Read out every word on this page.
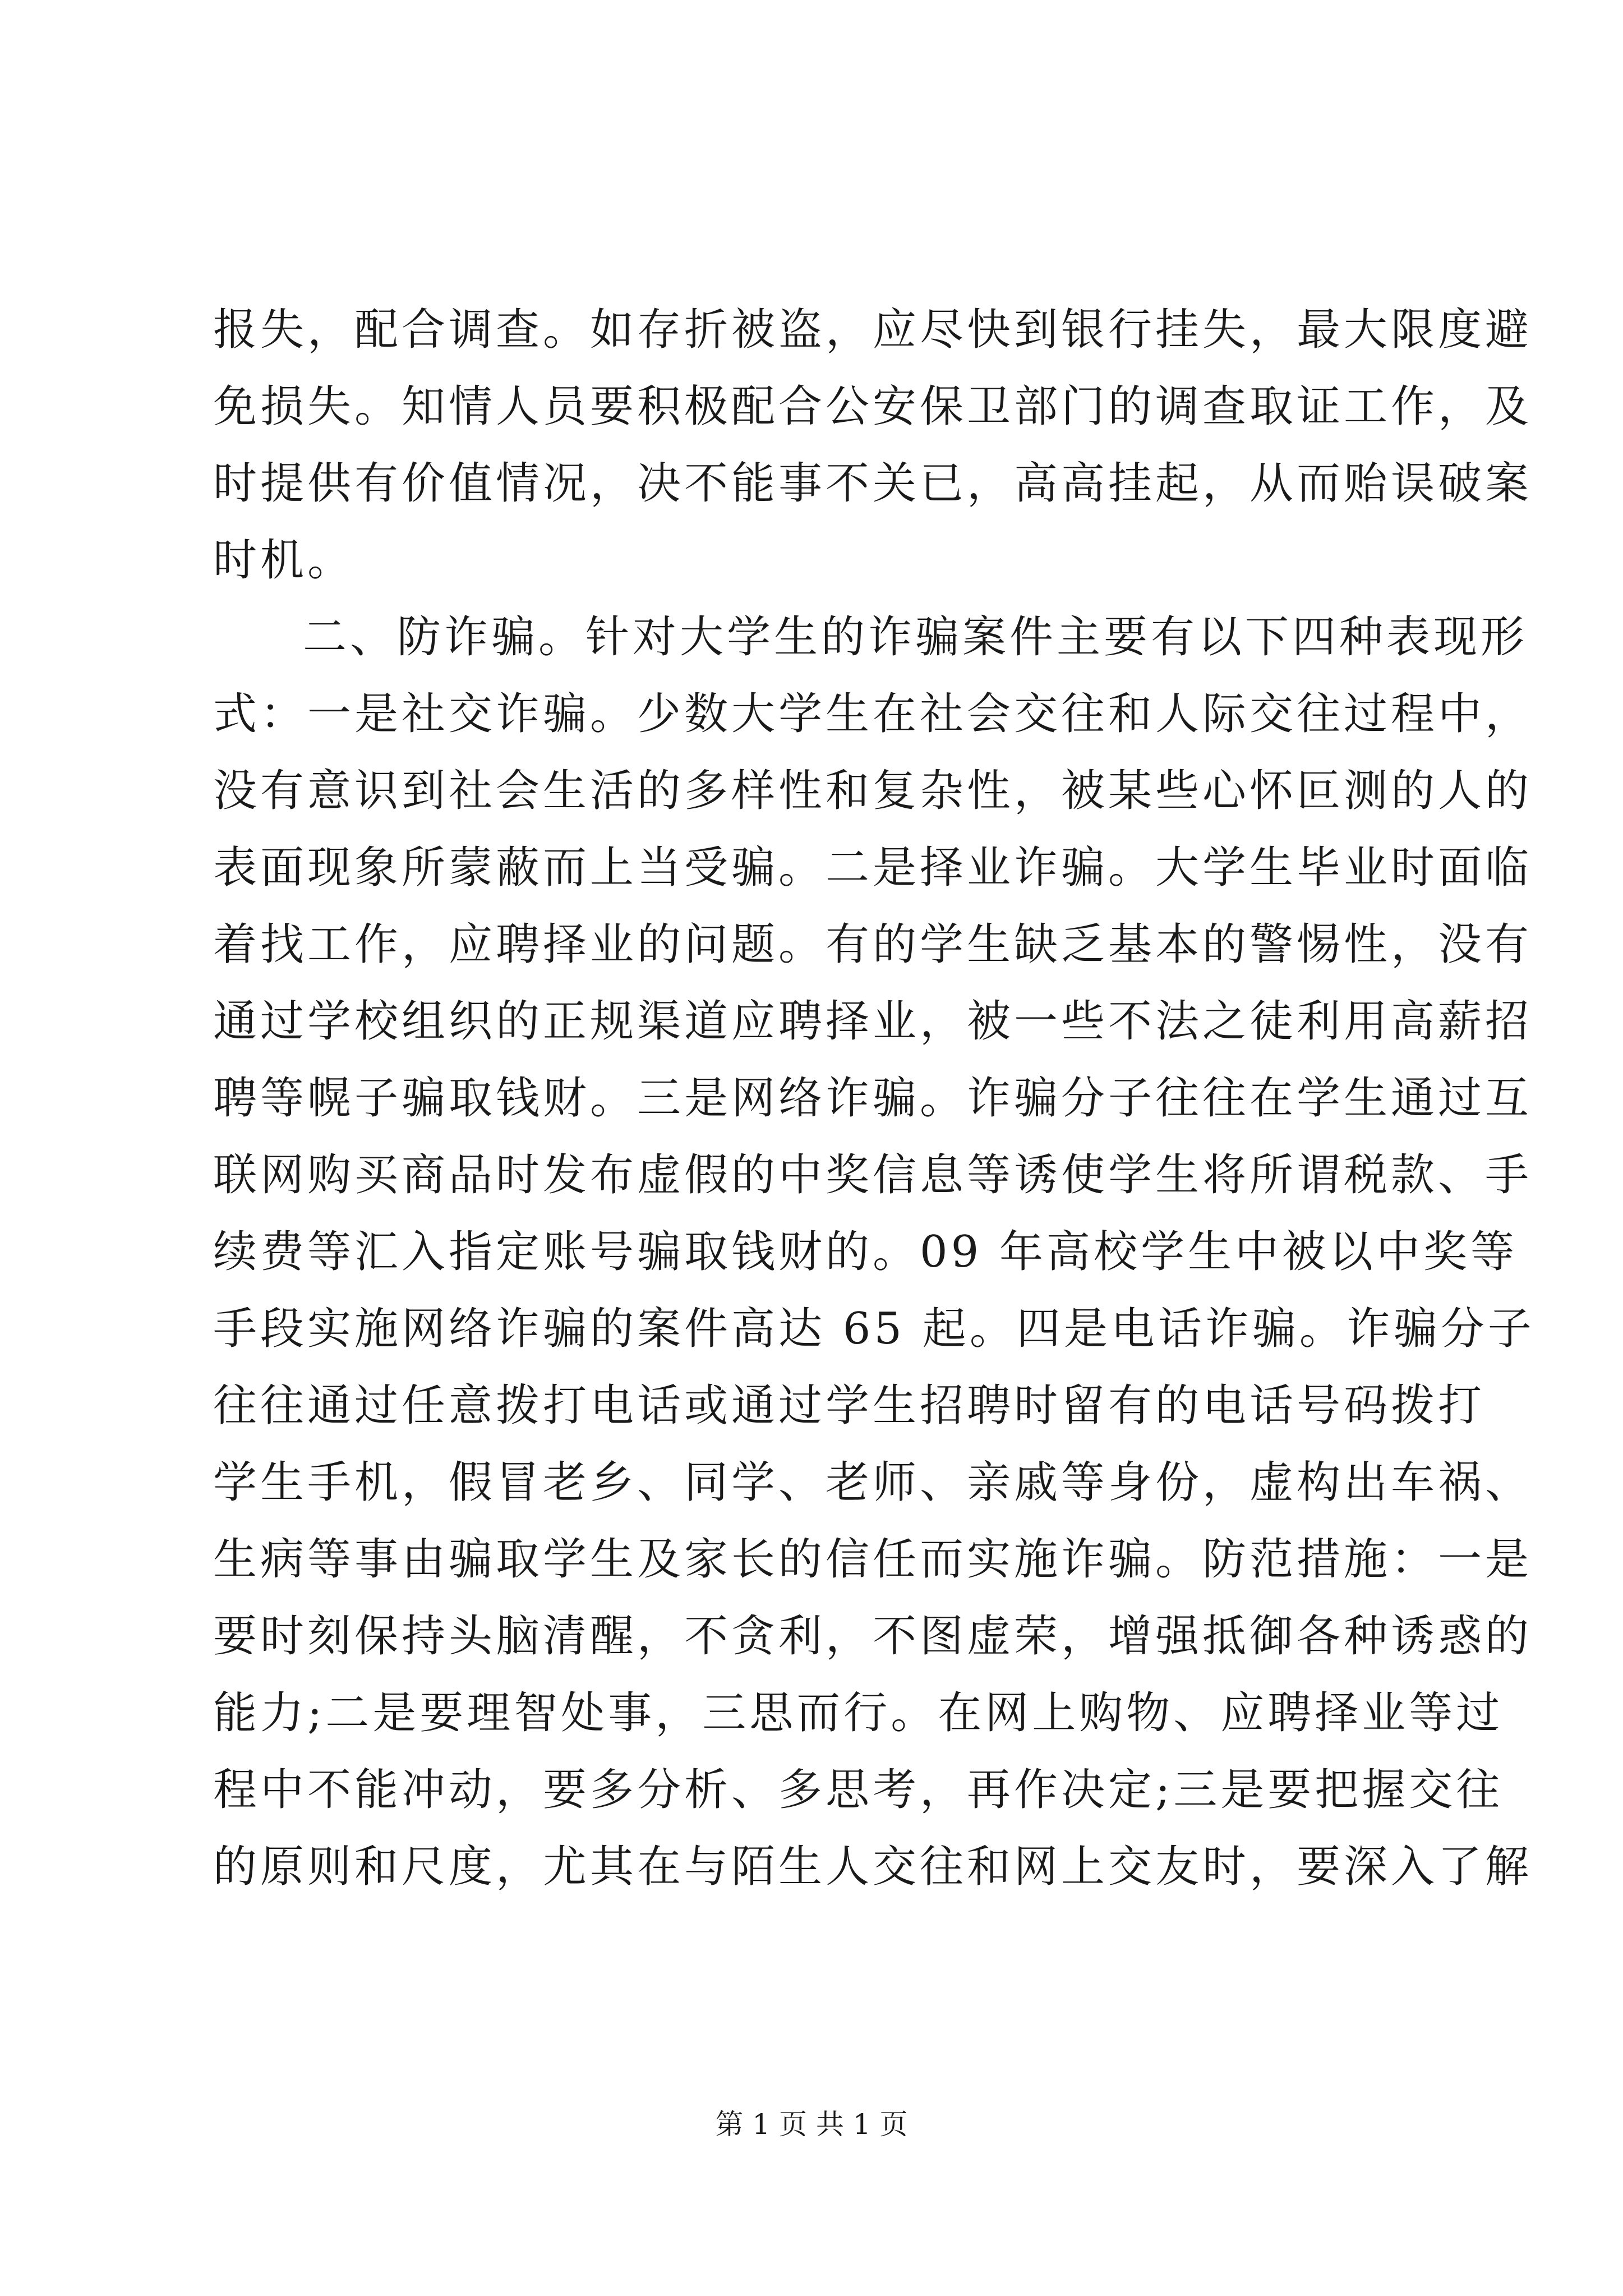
报失，配合调查。如存折被盗，应尽快到银行挂失，最大限度避
免损失。知情人员要积极配合公安保卫部门的调查取证工作，及
时提供有价值情况，决不能事不关已，高高挂起，从而贻误破案
时机。
二、防诈骗。针对大学生的诈骗案件主要有以下四种表现形
式：一是社交诈骗。少数大学生在社会交往和人际交往过程中，
没有意识到社会生活的多样性和复杂性，被某些心怀叵测的人的
表面现象所蒙蔽而上当受骗。二是择业诈骗。大学生毕业时面临
着找工作，应聘择业的问题。有的学生缺乏基本的警惕性，没有
通过学校组织的正规渠道应聘择业，被一些不法之徒利用高薪招
聘等幌子骗取钱财。三是网络诈骗。诈骗分子往往在学生通过互
联网购买商品时发布虚假的中奖信息等诱使学生将所谓税款、手
续费等汇入指定账号骗取钱财的。09 年高校学生中被以中奖等
手段实施网络诈骗的案件高达 65 起。四是电话诈骗。诈骗分子
往往通过任意拨打电话或通过学生招聘时留有的电话号码拨打
学生手机，假冒老乡、同学、老师、亲戚等身份，虚构出车祸、
生病等事由骗取学生及家长的信任而实施诈骗。防范措施：一是
要时刻保持头脑清醒，不贪利，不图虚荣，增强抵御各种诱惑的
能力;二是要理智处事，三思而行。在网上购物、应聘择业等过
程中不能冲动，要多分析、多思考，再作决定;三是要把握交往
的原则和尺度，尤其在与陌生人交往和网上交友时，要深入了解
第 1 页 共 1 页
